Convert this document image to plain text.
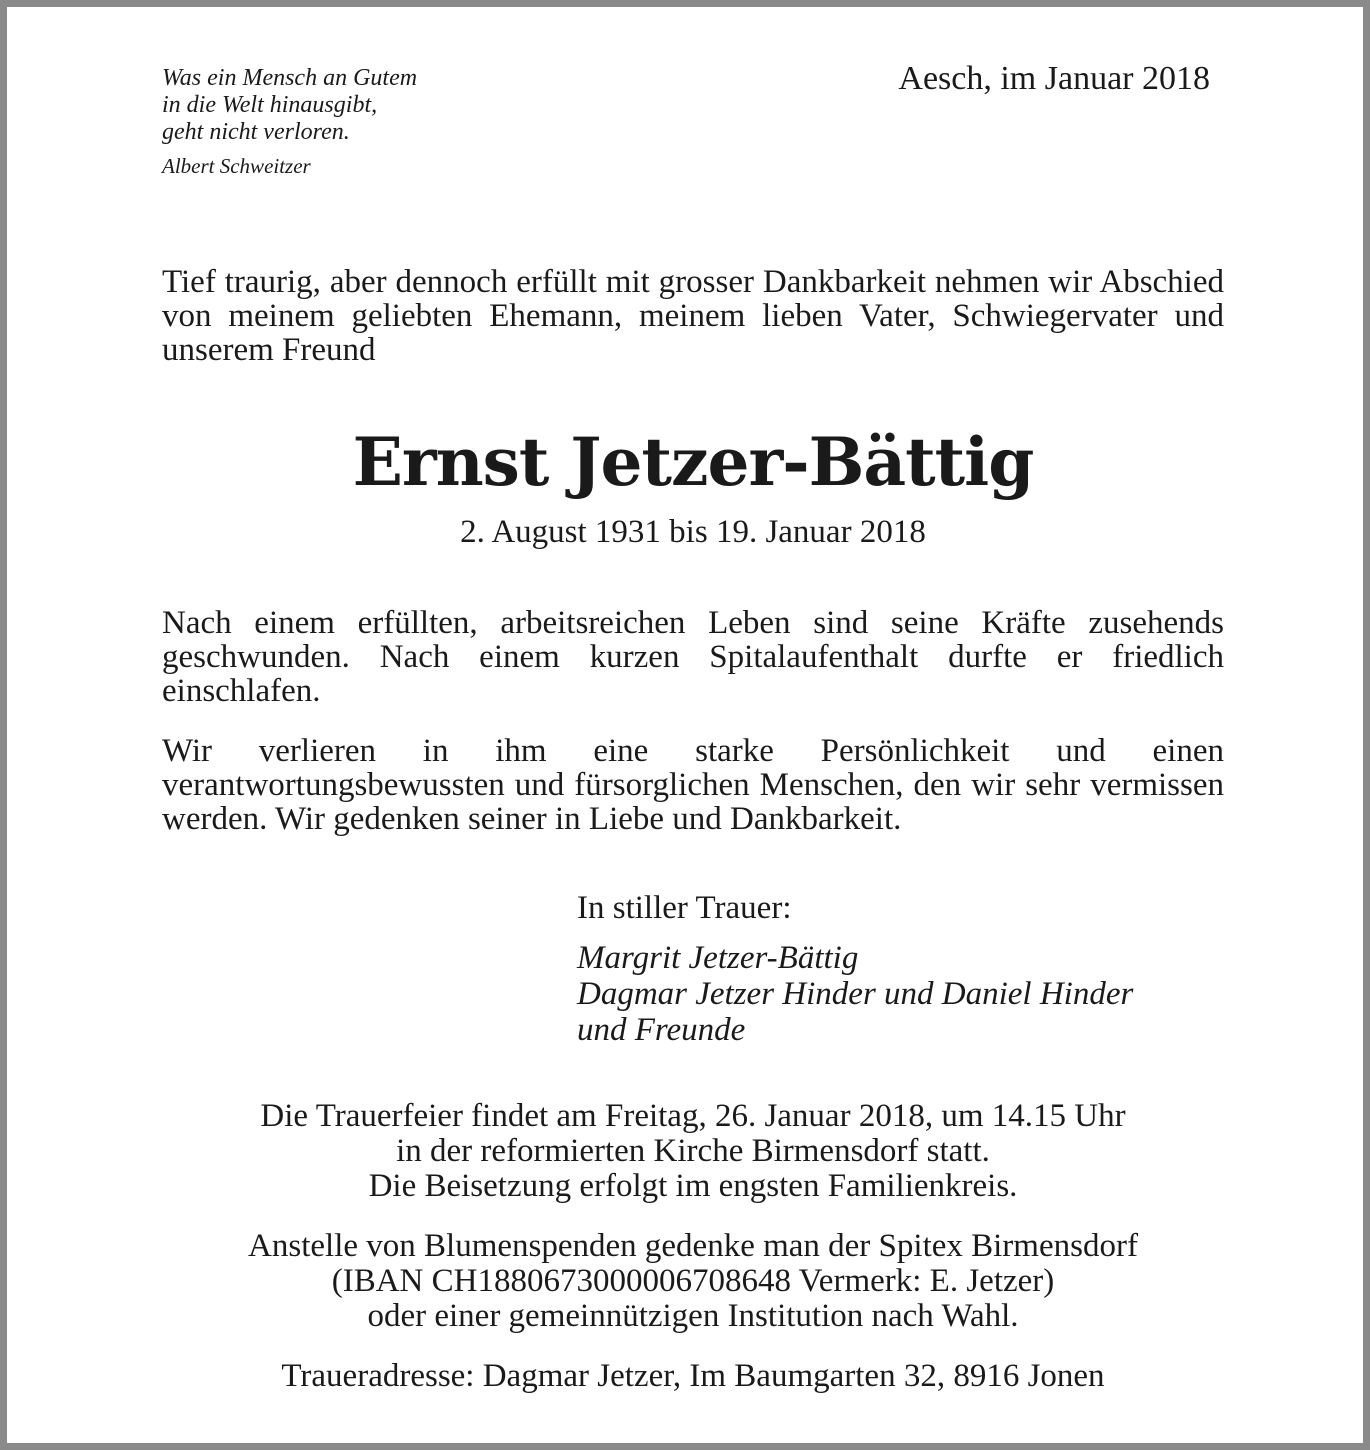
Was ein Mensch an Gutem
in die Welt hinausgibt,
geht nicht verloren.
Albert Schweitzer
Aesch, im Januar 2018
Tief traurig, aber dennoch erfüllt mit grosser Dankbarkeit nehmen wir Abschied von meinem geliebten Ehemann, meinem lieben Vater, Schwiegervater und unserem Freund
Ernst Jetzer-Bättig
2. August 1931 bis 19. Januar 2018
Nach einem erfüllten, arbeitsreichen Leben sind seine Kräfte zusehends geschwunden. Nach einem kurzen Spitalaufenthalt durfte er friedlich einschlafen.
Wir verlieren in ihm eine starke Persönlichkeit und einen verantwortungsbewussten und fürsorglichen Menschen, den wir sehr vermissen werden. Wir gedenken seiner in Liebe und Dankbarkeit.
In stiller Trauer:
Margrit Jetzer-Bättig
Dagmar Jetzer Hinder und Daniel Hinder
und Freunde
Die Trauerfeier findet am Freitag, 26. Januar 2018, um 14.15 Uhr
in der reformierten Kirche Birmensdorf statt.
Die Beisetzung erfolgt im engsten Familienkreis.
Anstelle von Blumenspenden gedenke man der Spitex Birmensdorf
(IBAN CH1880673000006708648 Vermerk: E. Jetzer)
oder einer gemeinnützigen Institution nach Wahl.
Traueradresse: Dagmar Jetzer, Im Baumgarten 32, 8916 Jonen
